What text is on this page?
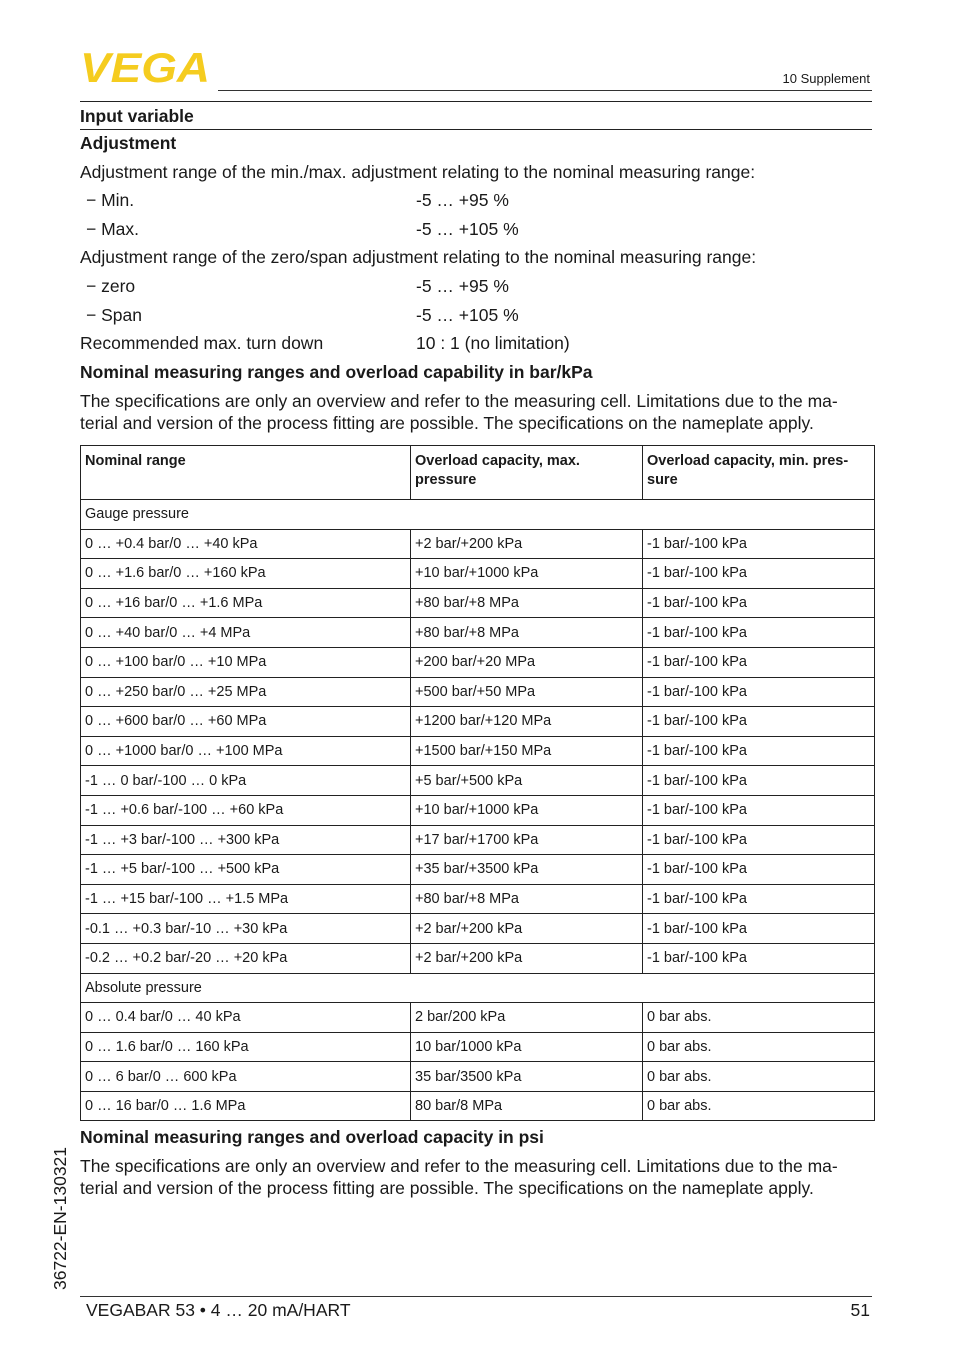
VEGA	10 Supplement
Input variable
Adjustment
Adjustment range of the min./max. adjustment relating to the nominal measuring range:
− Min.	-5 … +95 %
− Max.	-5 … +105 %
Adjustment range of the zero/span adjustment relating to the nominal measuring range:
− zero	-5 … +95 %
− Span	-5 … +105 %
Recommended max. turn down	10 : 1 (no limitation)
Nominal measuring ranges and overload capability in bar/kPa
The specifications are only an overview and refer to the measuring cell. Limitations due to the ma-
terial and version of the process fitting are possible. The specifications on the nameplate apply.
Nominal range	Overload capacity, max. pressure	Overload capacity, min. pres- sure
Gauge pressure		
0 … +0.4 bar/0 … +40 kPa	+2 bar/+200 kPa	-1 bar/-100 kPa
0 … +1.6 bar/0 … +160 kPa	+10 bar/+1000 kPa	-1 bar/-100 kPa
0 … +16 bar/0 … +1.6 MPa	+80 bar/+8 MPa	-1 bar/-100 kPa
0 … +40 bar/0 … +4 MPa	+80 bar/+8 MPa	-1 bar/-100 kPa
0 … +100 bar/0 … +10 MPa	+200 bar/+20 MPa	-1 bar/-100 kPa
0 … +250 bar/0 … +25 MPa	+500 bar/+50 MPa	-1 bar/-100 kPa
0 … +600 bar/0 … +60 MPa	+1200 bar/+120 MPa	-1 bar/-100 kPa
0 … +1000 bar/0 … +100 MPa	+1500 bar/+150 MPa	-1 bar/-100 kPa
-1 … 0 bar/-100 … 0 kPa	+5 bar/+500 kPa	-1 bar/-100 kPa
-1 … +0.6 bar/-100 … +60 kPa	+10 bar/+1000 kPa	-1 bar/-100 kPa
-1 … +3 bar/-100 … +300 kPa	+17 bar/+1700 kPa	-1 bar/-100 kPa
-1 … +5 bar/-100 … +500 kPa	+35 bar/+3500 kPa	-1 bar/-100 kPa
-1 … +15 bar/-100 … +1.5 MPa	+80 bar/+8 MPa	-1 bar/-100 kPa
-0.1 … +0.3 bar/-10 … +30 kPa	+2 bar/+200 kPa	-1 bar/-100 kPa
-0.2 … +0.2 bar/-20 … +20 kPa	+2 bar/+200 kPa	-1 bar/-100 kPa
Absolute pressure		
0 … 0.4 bar/0 … 40 kPa	2 bar/200 kPa	0 bar abs.
0 … 1.6 bar/0 … 160 kPa	10 bar/1000 kPa	0 bar abs.
0 … 6 bar/0 … 600 kPa	35 bar/3500 kPa	0 bar abs.
0 … 16 bar/0 … 1.6 MPa	80 bar/8 MPa	0 bar abs.
Nominal measuring ranges and overload capacity in psi
The specifications are only an overview and refer to the measuring cell. Limitations due to the ma-
terial and version of the process fitting are possible. The specifications on the nameplate apply.
36722-EN-130321
VEGABAR 53 • 4 … 20 mA/HART	51
